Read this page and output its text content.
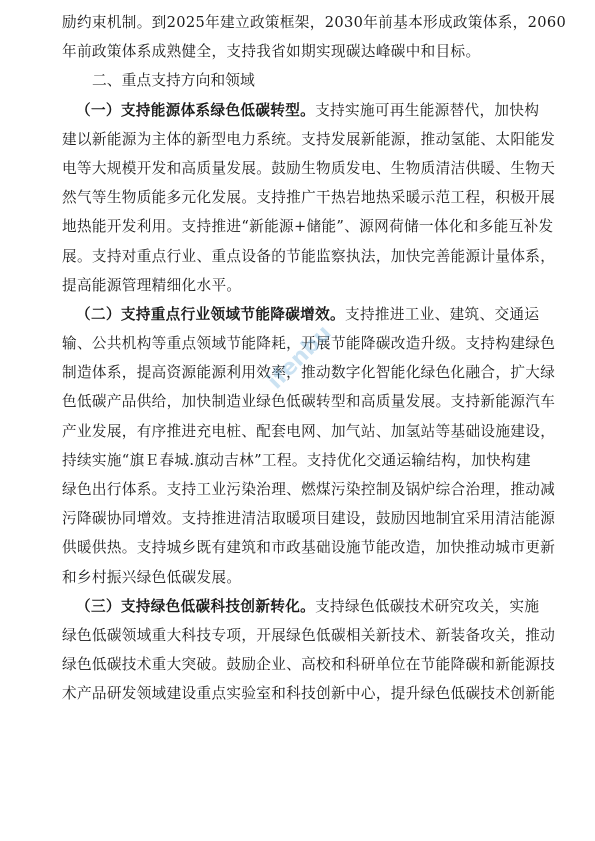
励约束机制。到2025年建立政策框架，2030年前基本形成政策体系，2060
年前政策体系成熟健全，支持我省如期实现碳达峰碳中和目标。
二、重点支持方向和领域
（一）支持能源体系绿色低碳转型。支持实施可再生能源替代，加快构
建以新能源为主体的新型电力系统。支持发展新能源，推动氢能、太阳能发
电等大规模开发和高质量发展。鼓励生物质发电、生物质清洁供暖、生物天
然气等生物质能多元化发展。支持推广干热岩地热采暖示范工程，积极开展
地热能开发利用。支持推进“新能源+储能”、源网荷储一体化和多能互补发
展。支持对重点行业、重点设备的节能监察执法，加快完善能源计量体系，
提高能源管理精细化水平。
（二）支持重点行业领域节能降碳增效。支持推进工业、建筑、交通运
输、公共机构等重点领域节能降耗，开展节能降碳改造升级。支持构建绿色
制造体系，提高资源能源利用效率，推动数字化智能化绿色化融合，扩大绿
色低碳产品供给，加快制造业绿色低碳转型和高质量发展。支持新能源汽车
产业发展，有序推进充电桩、配套电网、加气站、加氢站等基础设施建设，
持续实施“旗Ｅ春城.旗动吉林”工程。支持优化交通运输结构，加快构建
绿色出行体系。支持工业污染治理、燃煤污染控制及锅炉综合治理，推动减
污降碳协同增效。支持推进清洁取暖项目建设，鼓励因地制宜采用清洁能源
供暖供热。支持城乡既有建筑和市政基础设施节能改造，加快推动城市更新
和乡村振兴绿色低碳发展。
（三）支持绿色低碳科技创新转化。支持绿色低碳技术研究攻关，实施
绿色低碳领域重大科技专项，开展绿色低碳相关新技术、新装备攻关，推动
绿色低碳技术重大突破。鼓励企业、高校和科研单位在节能降碳和新能源技
术产品研发领域建设重点实验室和科技创新中心，提升绿色低碳技术创新能
ifenbu
